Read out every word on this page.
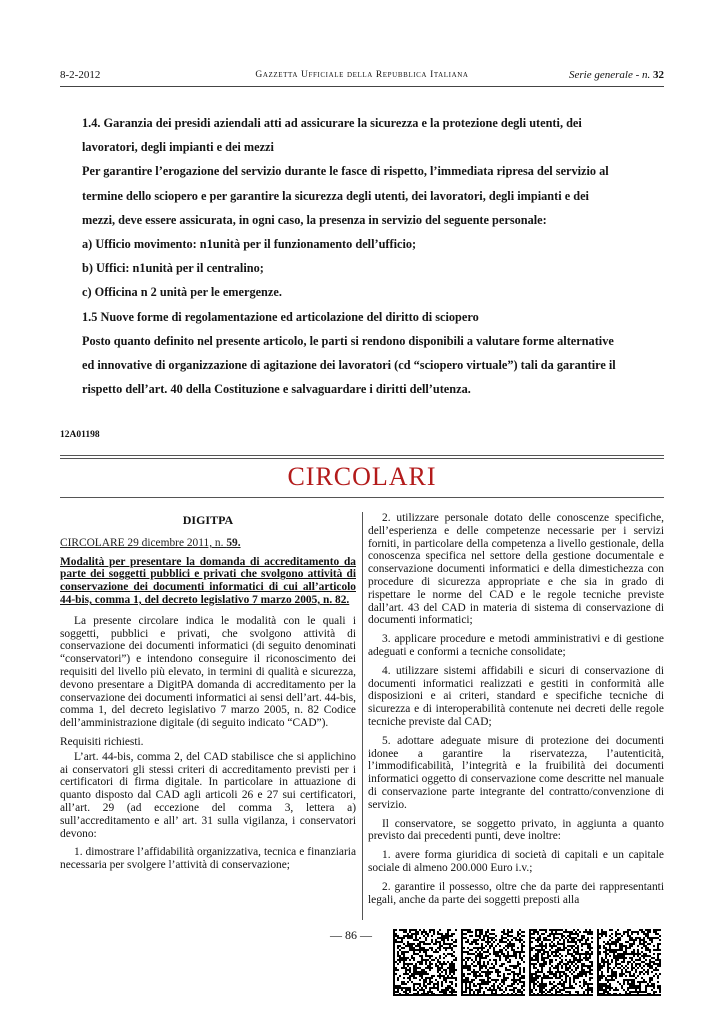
8-2-2012	Gazzetta Ufficiale della Repubblica Italiana	Serie generale - n. 32
1.4. Garanzia dei presidi aziendali atti ad assicurare la sicurezza e la protezione degli utenti, dei
lavoratori, degli impianti e dei mezzi
Per garantire l’erogazione del servizio durante le fasce di rispetto, l’immediata ripresa del servizio al
termine dello sciopero e per garantire la sicurezza degli utenti, dei lavoratori, degli impianti e dei
mezzi, deve essere assicurata, in ogni caso, la presenza in servizio del seguente personale:
a) Ufficio movimento: n1unità per il funzionamento dell’ufficio;
b) Uffici: n1unità per il centralino;
c) Officina n 2 unità per le emergenze.
1.5 Nuove forme di regolamentazione ed articolazione del diritto di sciopero
Posto quanto definito nel presente articolo, le parti si rendono disponibili a valutare forme alternative
ed innovative di organizzazione di agitazione dei lavoratori (cd “sciopero virtuale”) tali da garantire il
rispetto dell’art. 40 della Costituzione e salvaguardare i diritti dell’utenza.
12A01198
CIRCOLARI
DIGITPA
CIRCOLARE 29 dicembre 2011, n. 59.
Modalità per presentare la domanda di accreditamento da parte dei soggetti pubblici e privati che svolgono attività di conservazione dei documenti informatici di cui all’articolo 44-bis, comma 1, del decreto legislativo 7 marzo 2005, n. 82.

La presente circolare indica le modalità con le quali i soggetti, pubblici e privati, che svolgono attività di conservazione dei documenti informatici (di seguito denominati “conservatori”) e intendono conseguire il riconoscimento dei requisiti del livello più elevato, in termini di qualità e sicurezza, devono presentare a DigitPA domanda di accreditamento per la conservazione dei documenti informatici ai sensi dell’art. 44-bis, comma 1, del decreto legislativo 7 marzo 2005, n. 82 Codice dell’amministrazione digitale (di seguito indicato “CAD”).

Requisiti richiesti.

L’art. 44-bis, comma 2, del CAD stabilisce che si applichino ai conservatori gli stessi criteri di accreditamento previsti per i certificatori di firma digitale. In particolare in attuazione di quanto disposto dal CAD agli articoli 26 e 27 sui certificatori, all’art. 29 (ad eccezione del comma 3, lettera a) sull’accreditamento e all’ art. 31 sulla vigilanza, i conservatori devono:

1. dimostrare l’affidabilità organizzativa, tecnica e finanziaria necessaria per svolgere l’attività di conservazione;

2. utilizzare personale dotato delle conoscenze specifiche, dell’esperienza e delle competenze necessarie per i servizi forniti, in particolare della competenza a livello gestionale, della conoscenza specifica nel settore della gestione documentale e conservazione documenti informatici e della dimestichezza con procedure di sicurezza appropriate e che sia in grado di rispettare le norme del CAD e le regole tecniche previste dall’art. 43 del CAD in materia di sistema di conservazione di documenti informatici;

3. applicare procedure e metodi amministrativi e di gestione adeguati e conformi a tecniche consolidate;

4. utilizzare sistemi affidabili e sicuri di conservazione di documenti informatici realizzati e gestiti in conformità alle disposizioni e ai criteri, standard e specifiche tecniche di sicurezza e di interoperabilità contenute nei decreti delle regole tecniche previste dal CAD;

5. adottare adeguate misure di protezione dei documenti idonee a garantire la riservatezza, l’autenticità, l’immodificabilità, l’integrità e la fruibilità dei documenti informatici oggetto di conservazione come descritte nel manuale di conservazione parte integrante del contratto/convenzione di servizio.

Il conservatore, se soggetto privato, in aggiunta a quanto previsto dai precedenti punti, deve inoltre:

1. avere forma giuridica di società di capitali e un capitale sociale di almeno 200.000 Euro i.v.;

2. garantire il possesso, oltre che da parte dei rappresentanti legali, anche da parte dei soggetti preposti alla

— 86 —
